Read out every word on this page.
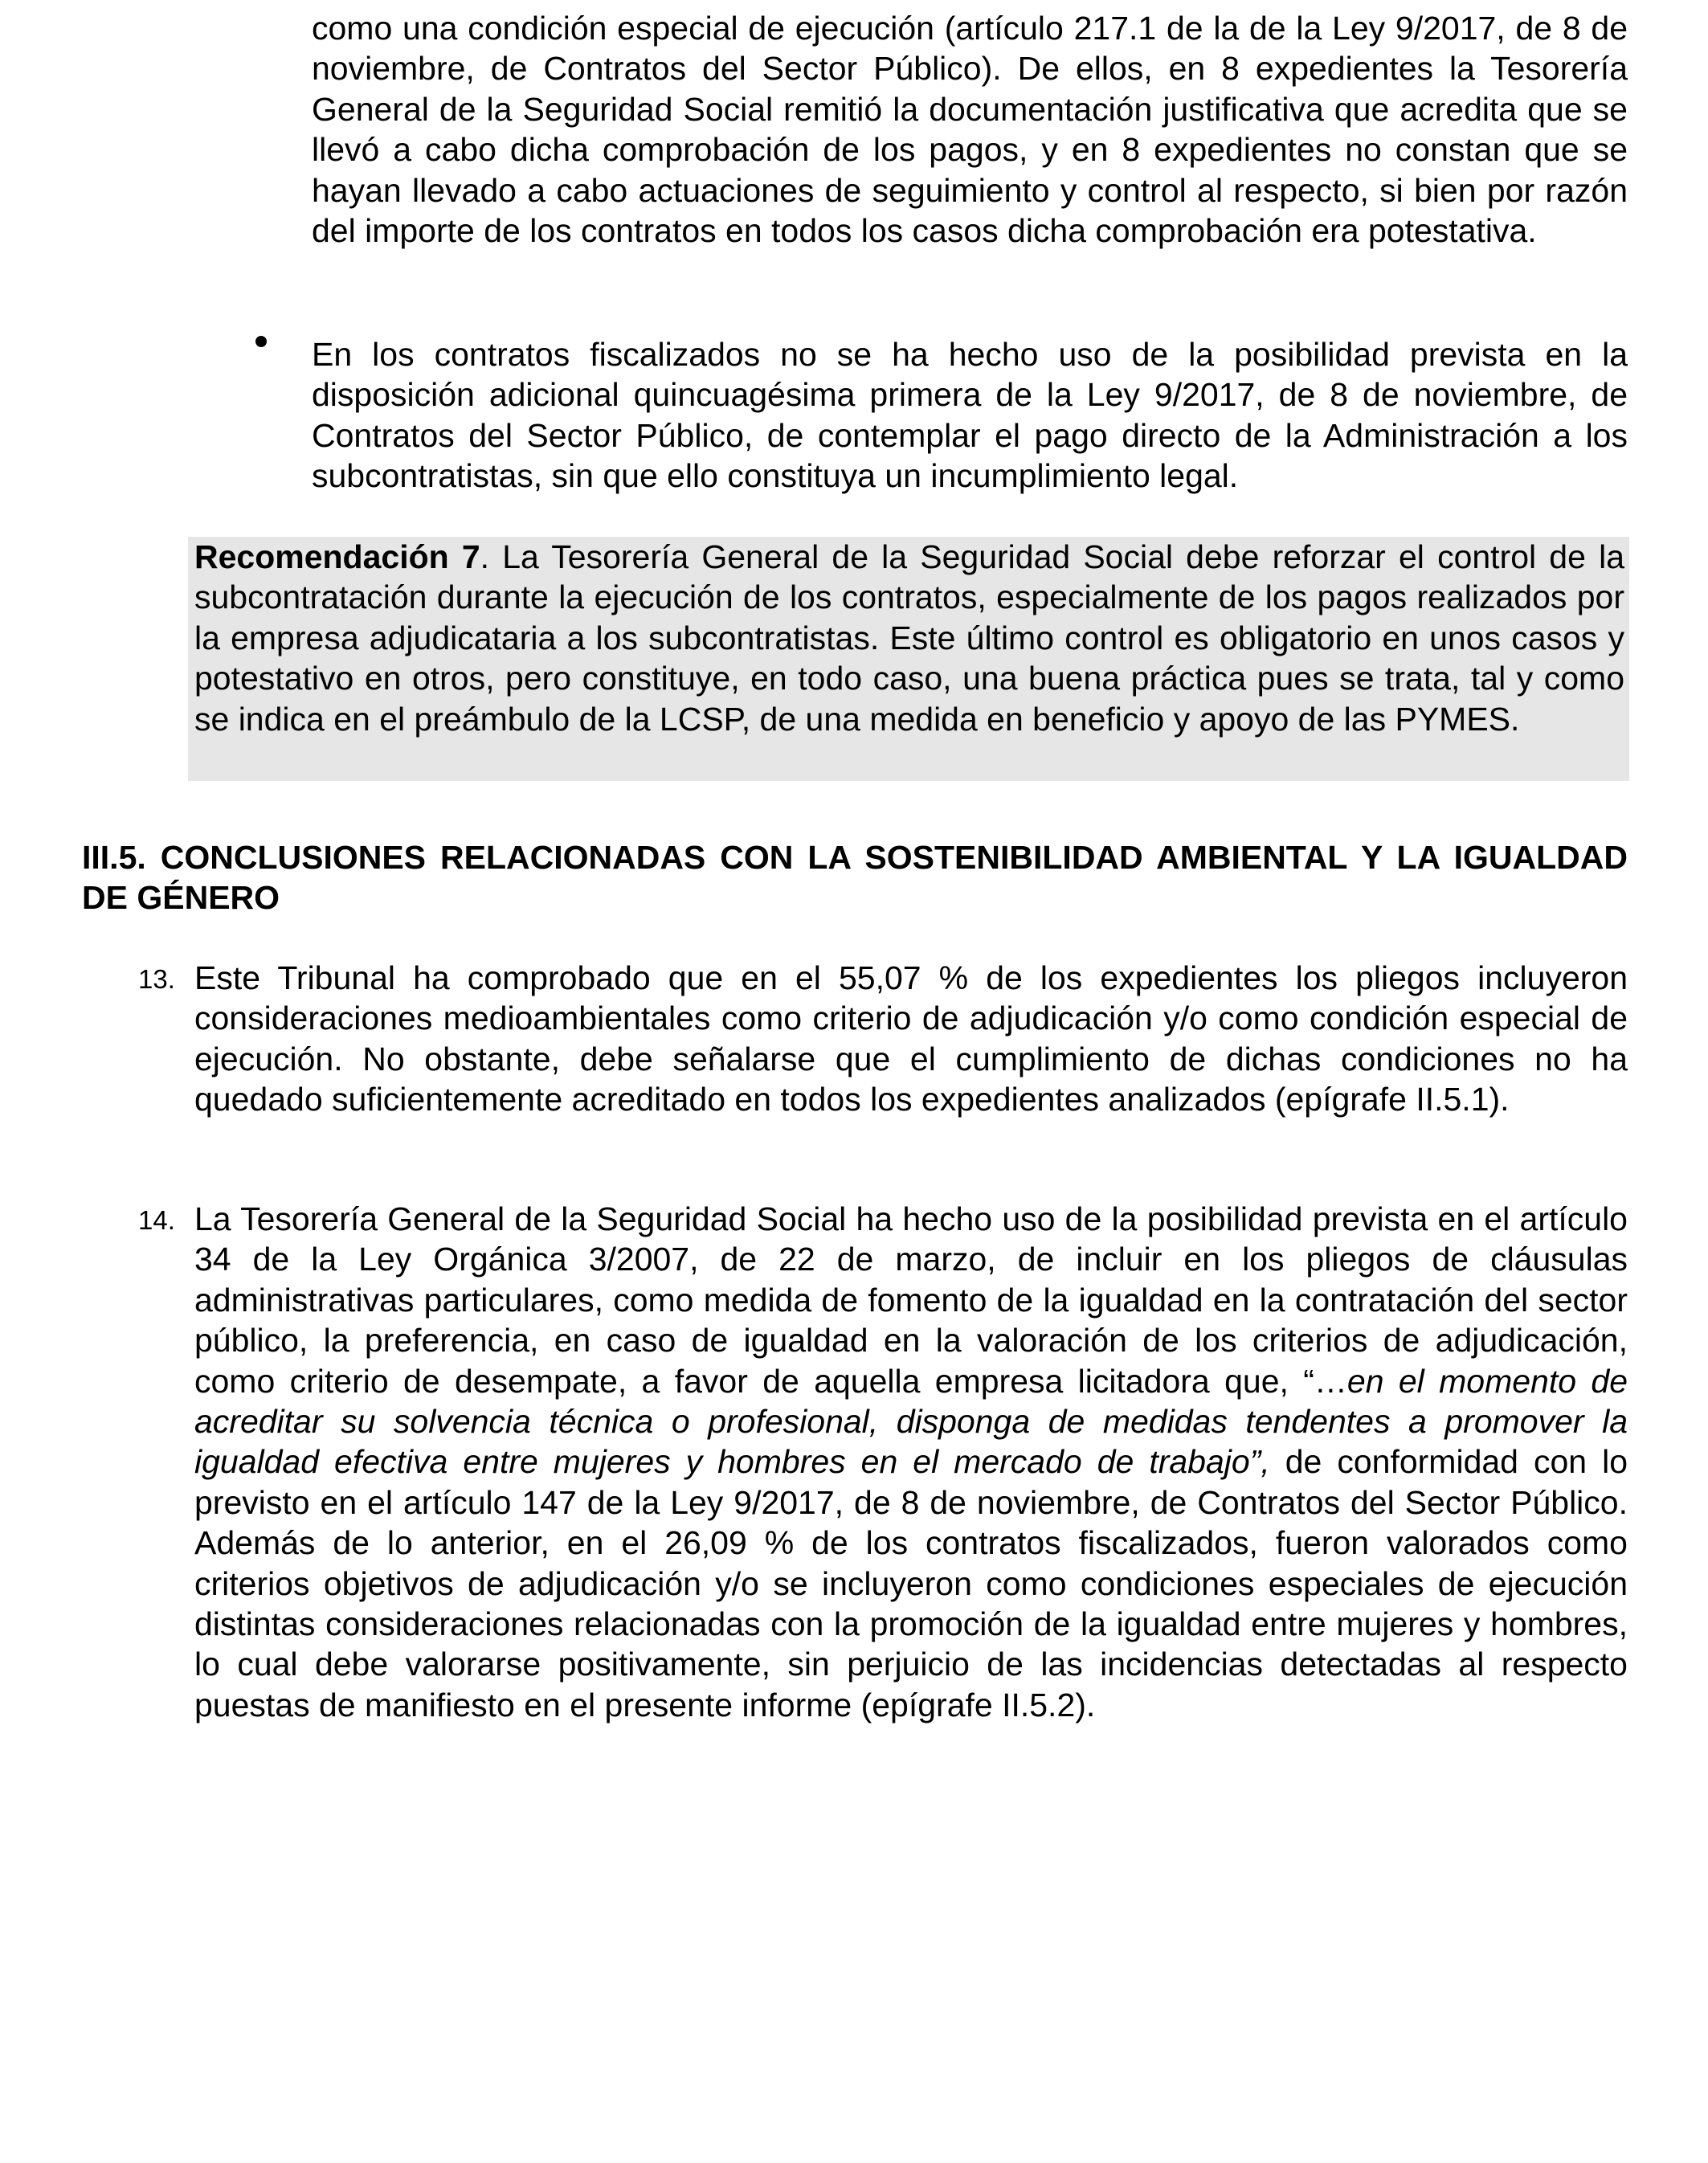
como una condición especial de ejecución (artículo 217.1 de la de la Ley 9/2017, de 8 de noviembre, de Contratos del Sector Público). De ellos, en 8 expedientes la Tesorería General de la Seguridad Social remitió la documentación justificativa que acredita que se llevó a cabo dicha comprobación de los pagos, y en 8 expedientes no constan que se hayan llevado a cabo actuaciones de seguimiento y control al respecto, si bien por razón del importe de los contratos en todos los casos dicha comprobación era potestativa.

En los contratos fiscalizados no se ha hecho uso de la posibilidad prevista en la disposición adicional quincuagésima primera de la Ley 9/2017, de 8 de noviembre, de Contratos del Sector Público, de contemplar el pago directo de la Administración a los subcontratistas, sin que ello constituya un incumplimiento legal.

Recomendación 7. La Tesorería General de la Seguridad Social debe reforzar el control de la subcontratación durante la ejecución de los contratos, especialmente de los pagos realizados por la empresa adjudicataria a los subcontratistas. Este último control es obligatorio en unos casos y potestativo en otros, pero constituye, en todo caso, una buena práctica pues se trata, tal y como se indica en el preámbulo de la LCSP, de una medida en beneficio y apoyo de las PYMES.

III.5. CONCLUSIONES RELACIONADAS CON LA SOSTENIBILIDAD AMBIENTAL Y LA IGUALDAD DE GÉNERO

13. Este Tribunal ha comprobado que en el 55,07 % de los expedientes los pliegos incluyeron consideraciones medioambientales como criterio de adjudicación y/o como condición especial de ejecución. No obstante, debe señalarse que el cumplimiento de dichas condiciones no ha quedado suficientemente acreditado en todos los expedientes analizados (epígrafe II.5.1).

14. La Tesorería General de la Seguridad Social ha hecho uso de la posibilidad prevista en el artículo 34 de la Ley Orgánica 3/2007, de 22 de marzo, de incluir en los pliegos de cláusulas administrativas particulares, como medida de fomento de la igualdad en la contratación del sector público, la preferencia, en caso de igualdad en la valoración de los criterios de adjudicación, como criterio de desempate, a favor de aquella empresa licitadora que, “…en el momento de acreditar su solvencia técnica o profesional, disponga de medidas tendentes a promover la igualdad efectiva entre mujeres y hombres en el mercado de trabajo”, de conformidad con lo previsto en el artículo 147 de la Ley 9/2017, de 8 de noviembre, de Contratos del Sector Público. Además de lo anterior, en el 26,09 % de los contratos fiscalizados, fueron valorados como criterios objetivos de adjudicación y/o se incluyeron como condiciones especiales de ejecución distintas consideraciones relacionadas con la promoción de la igualdad entre mujeres y hombres, lo cual debe valorarse positivamente, sin perjuicio de las incidencias detectadas al respecto puestas de manifiesto en el presente informe (epígrafe II.5.2).
